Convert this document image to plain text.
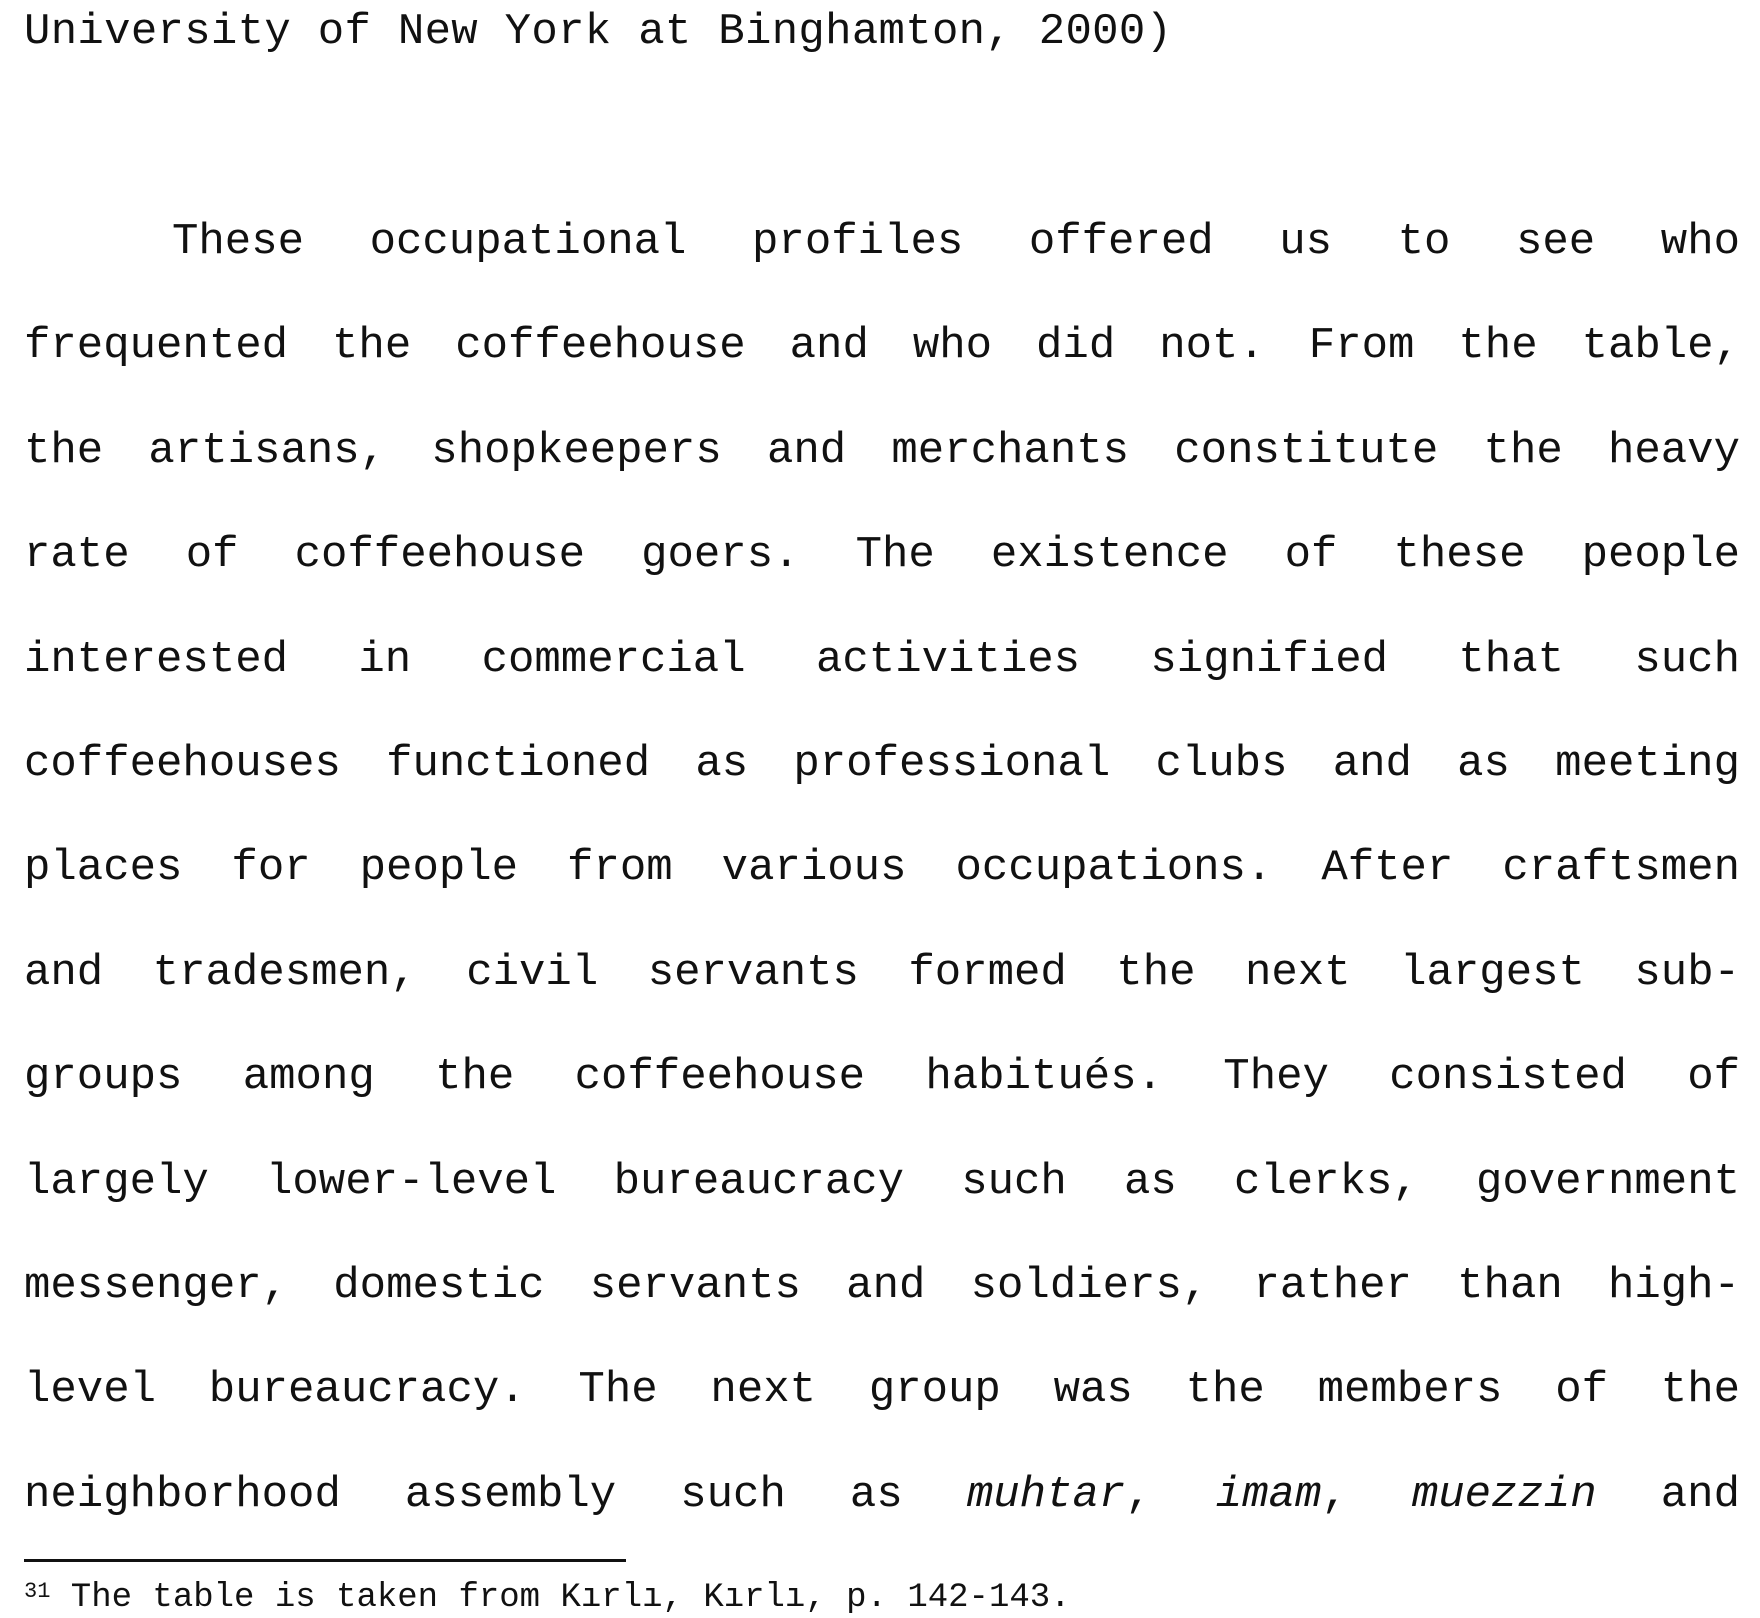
University of New York at Binghamton, 2000)
These occupational profiles offered us to see who
frequented the coffeehouse and who did not. From the table,
the artisans, shopkeepers and merchants constitute the heavy
rate of coffeehouse goers. The existence of these people
interested in commercial activities signified that such
coffeehouses functioned as professional clubs and as meeting
places for people from various occupations. After craftsmen
and tradesmen, civil servants formed the next largest sub-
groups among the coffeehouse habitués. They consisted of
largely lower-level bureaucracy such as clerks, government
messenger, domestic servants and soldiers, rather than high-
level bureaucracy. The next group was the members of the
neighborhood assembly such as muhtar, imam, muezzin and
$^{31}$ The table is taken from Kırlı, Kırlı, p. 142-143.
